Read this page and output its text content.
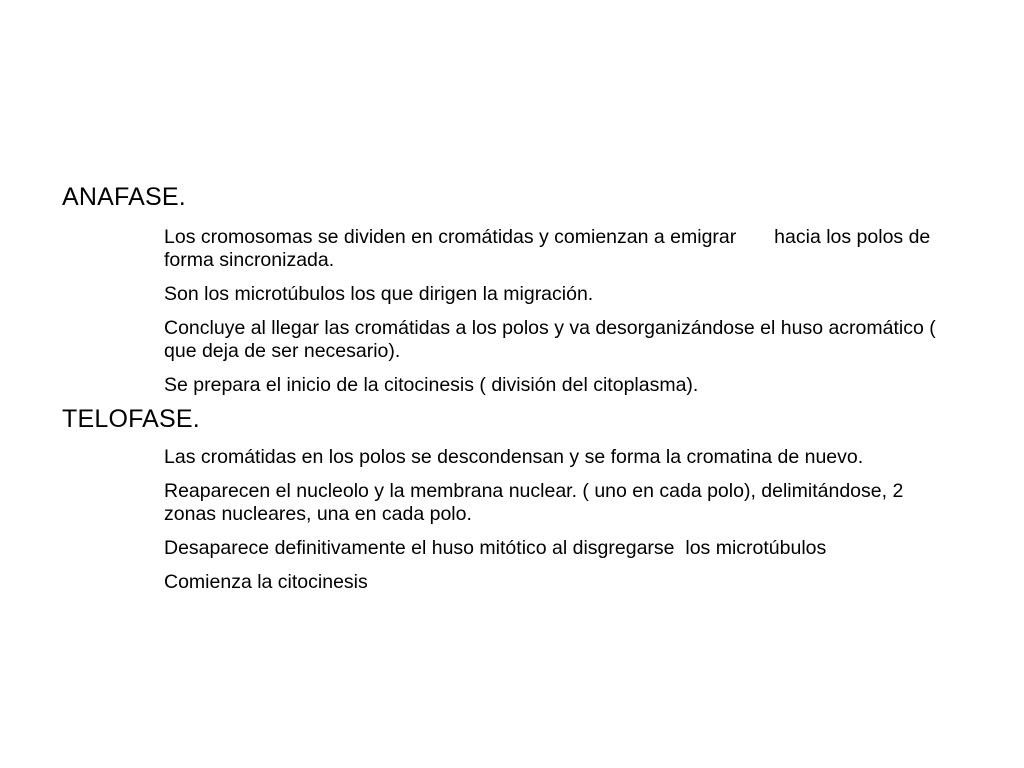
ANAFASE.
Los cromosomas se dividen en cromátidas y comienzan a emigrar       hacia los polos de forma sincronizada.
Son los microtúbulos los que dirigen la migración.
Concluye al llegar las cromátidas a los polos y va desorganizándose el huso acromático ( que deja de ser necesario).
Se prepara el inicio de la citocinesis ( división del citoplasma).
TELOFASE.
Las cromátidas en los polos se descondensan y se forma la cromatina de nuevo.
Reaparecen el nucleolo y la membrana nuclear. ( uno en cada polo), delimitándose, 2 zonas nucleares, una en cada polo.
Desaparece definitivamente el huso mitótico al disgregarse  los microtúbulos
Comienza la citocinesis
